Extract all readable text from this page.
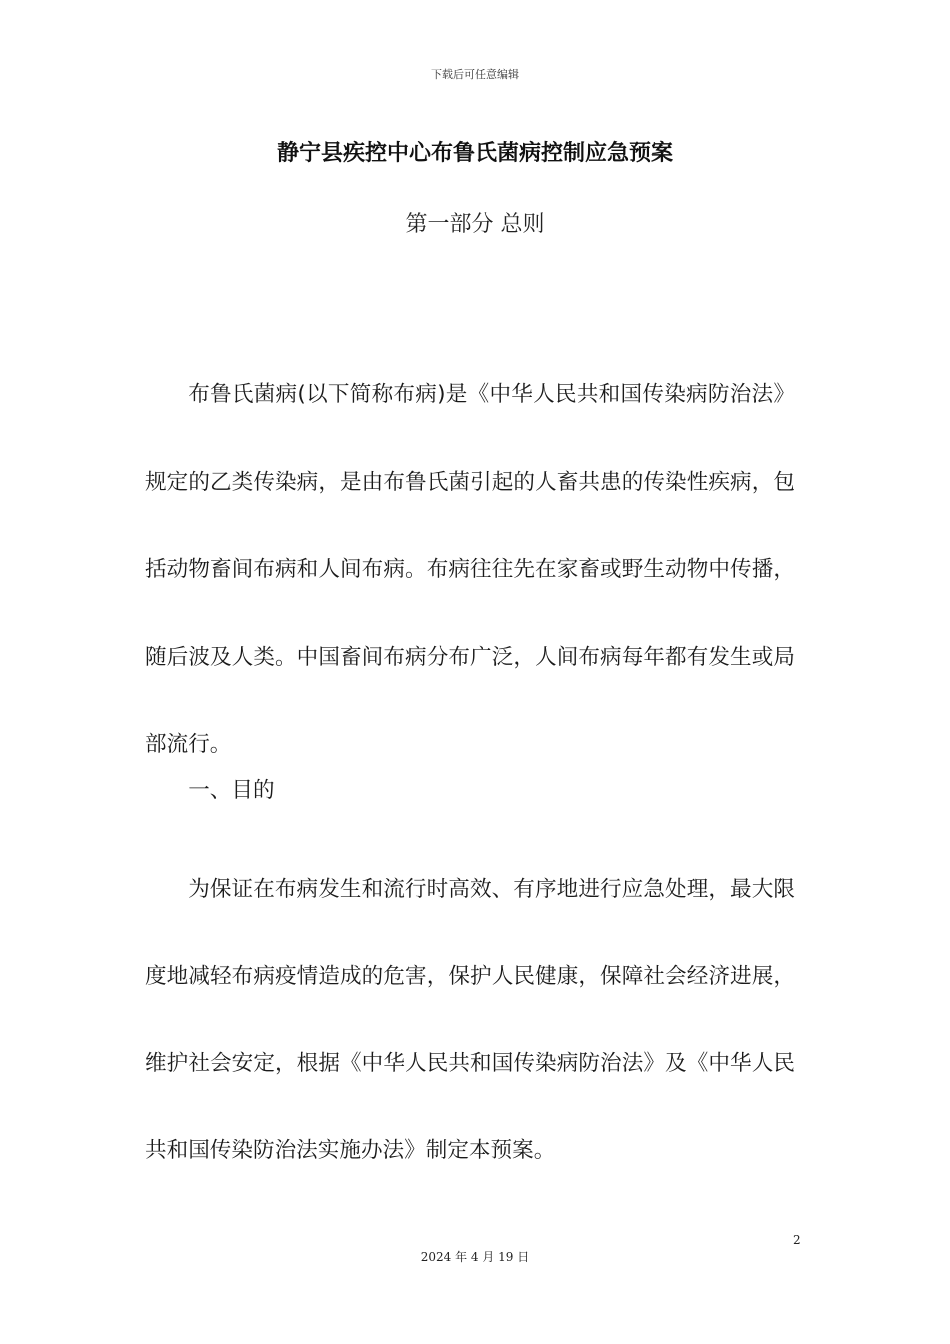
下载后可任意编辑
静宁县疾控中心布鲁氏菌病控制应急预案
第一部分 总则

布鲁氏菌病(以下简称布病)是《中华人民共和国传染病防治法》规定的乙类传染病，是由布鲁氏菌引起的人畜共患的传染性疾病，包括动物畜间布病和人间布病。布病往往先在家畜或野生动物中传播，随后波及人类。中国畜间布病分布广泛，人间布病每年都有发生或局部流行。

一、目的

为保证在布病发生和流行时高效、有序地进行应急处理，最大限度地减轻布病疫情造成的危害，保护人民健康，保障社会经济进展，维护社会安定，根据《中华人民共和国传染病防治法》及《中华人民共和国传染防治法实施办法》制定本预案。

2
2024 年 4 月 19 日
